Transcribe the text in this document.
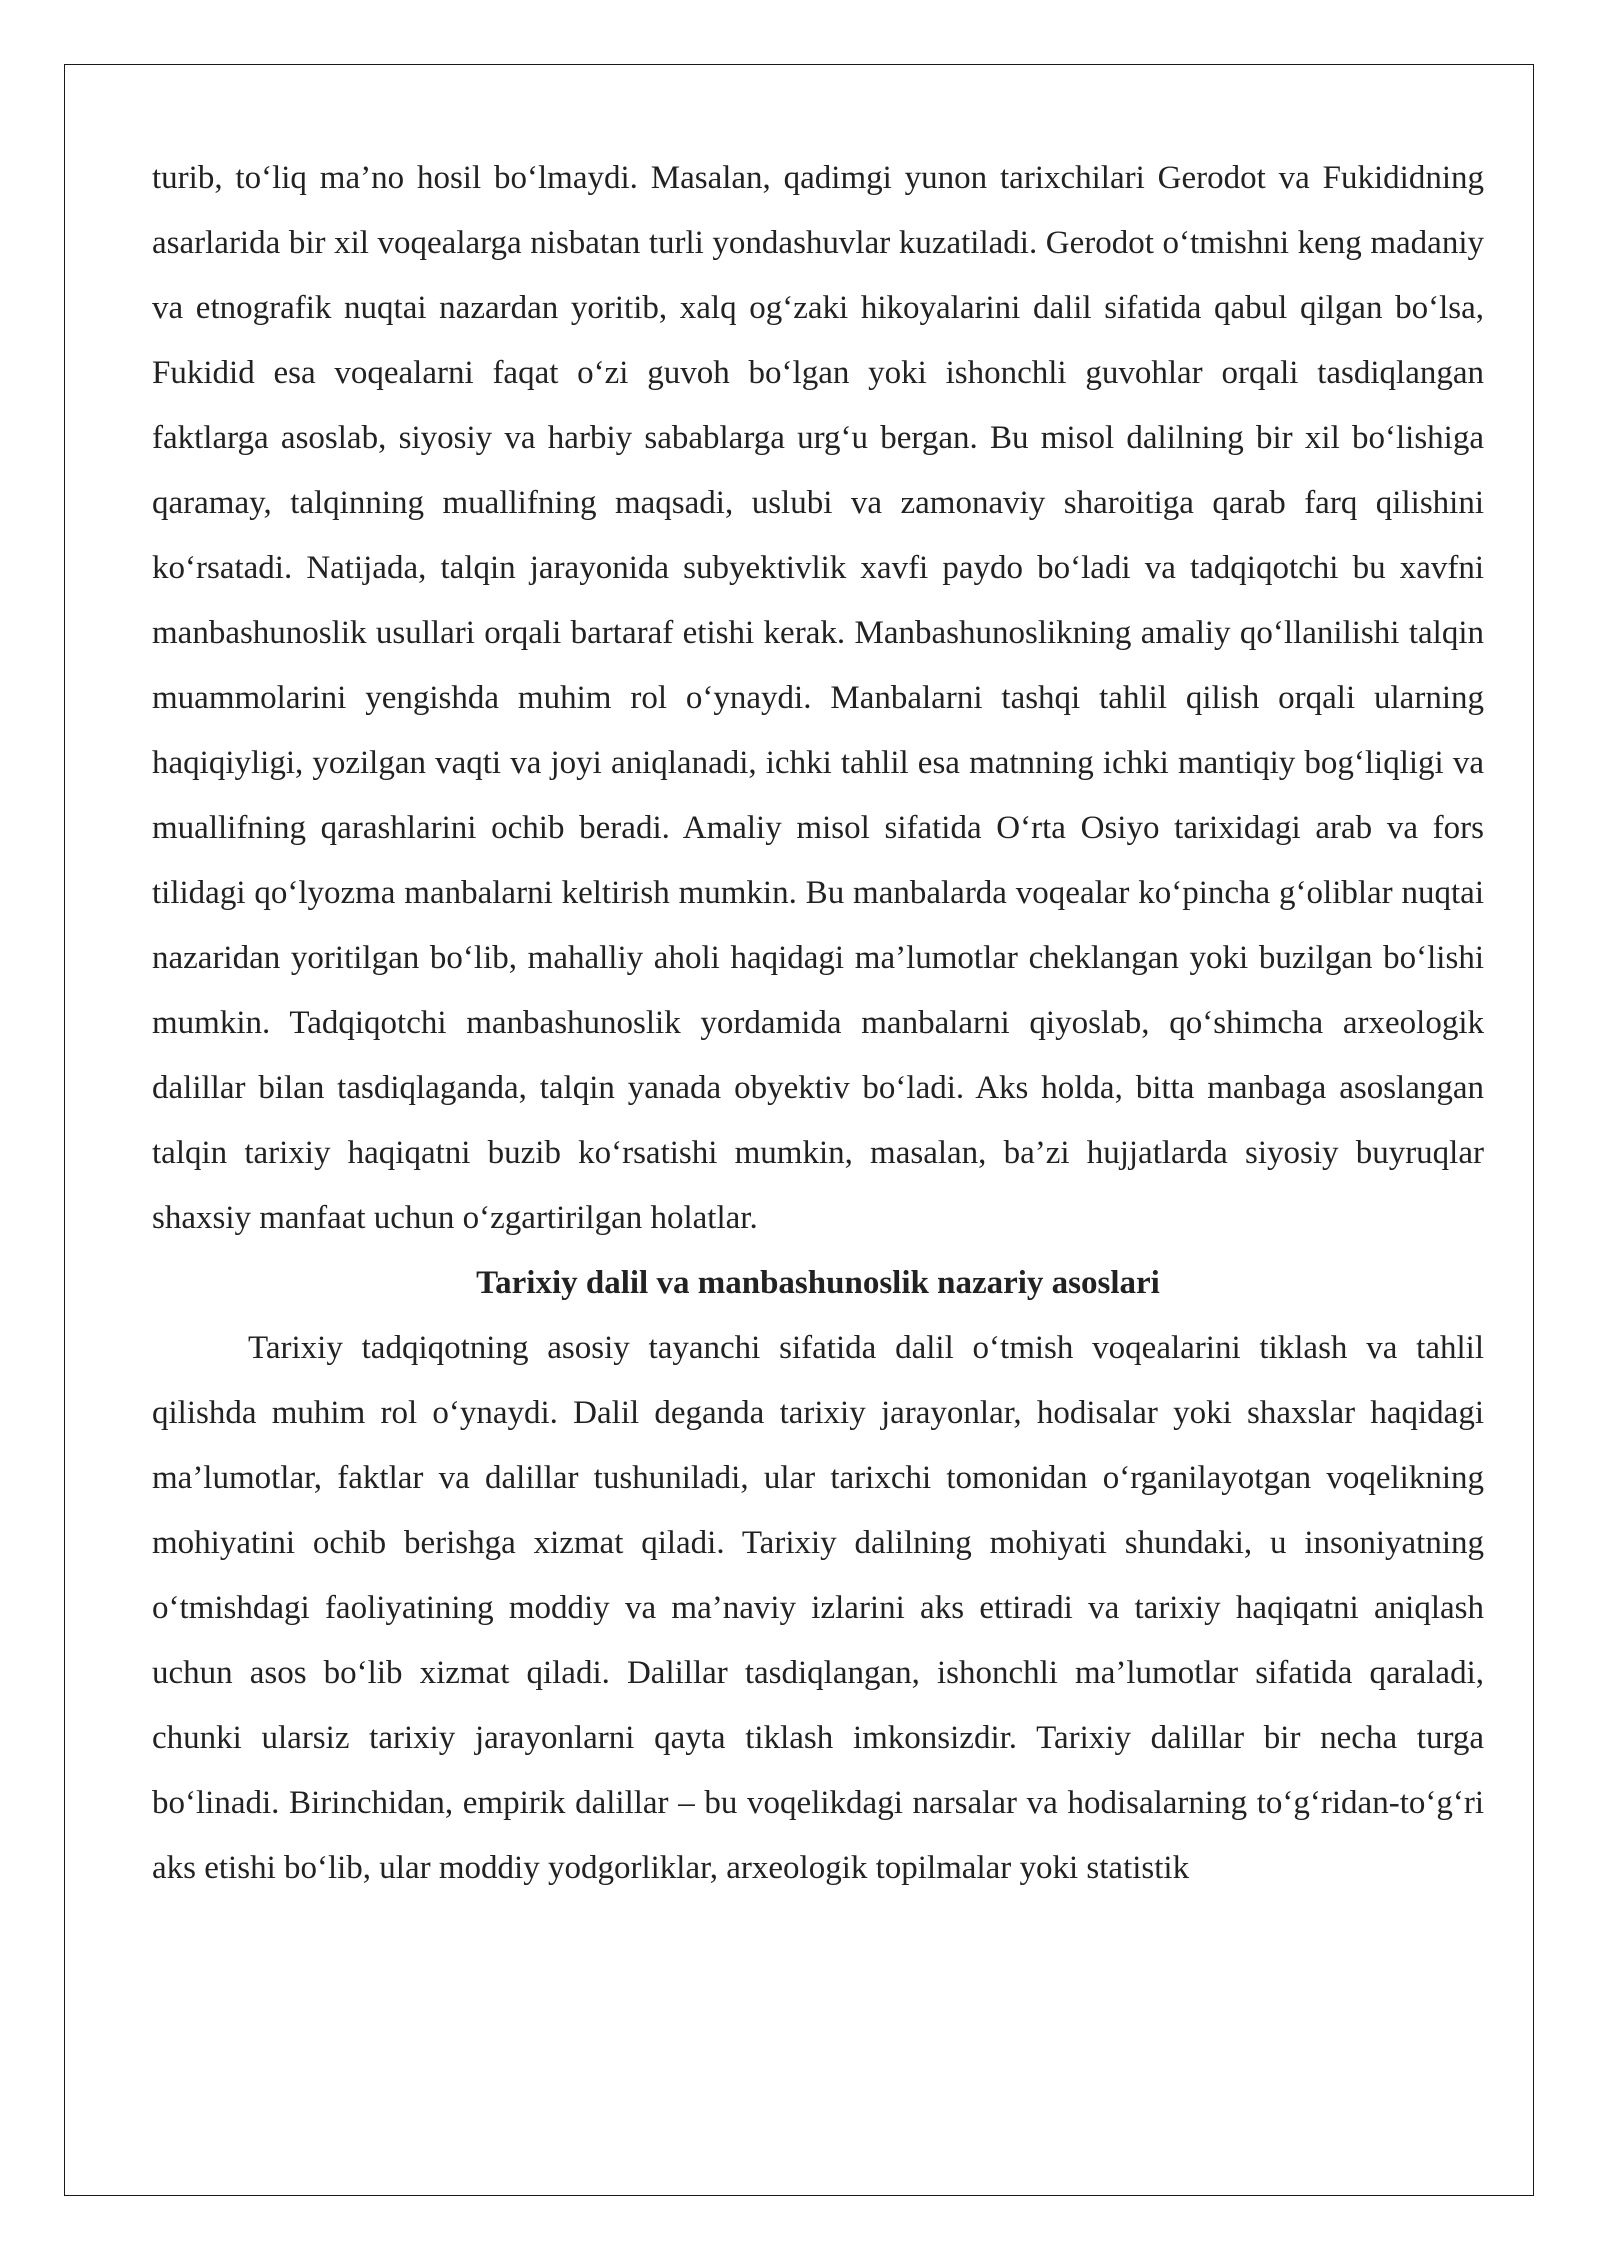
turib, to‘liq ma’no hosil bo‘lmaydi. Masalan, qadimgi yunon tarixchilari Gerodot va Fukididning asarlarida bir xil voqealarga nisbatan turli yondashuvlar kuzatiladi. Gerodot o‘tmishni keng madaniy va etnografik nuqtai nazardan yoritib, xalq og‘zaki hikoyalarini dalil sifatida qabul qilgan bo‘lsa, Fukidid esa voqealarni faqat o‘zi guvoh bo‘lgan yoki ishonchli guvohlar orqali tasdiqlangan faktlarga asoslab, siyosiy va harbiy sabablarga urg‘u bergan. Bu misol dalilning bir xil bo‘lishiga qaramay, talqinning muallifning maqsadi, uslubi va zamonaviy sharoitiga qarab farq qilishini ko‘rsatadi. Natijada, talqin jarayonida subyektivlik xavfi paydo bo‘ladi va tadqiqotchi bu xavfni manbashunoslik usullari orqali bartaraf etishi kerak. Manbashunoslikning amaliy qo‘llanilishi talqin muammolarini yengishda muhim rol o‘ynaydi. Manbalarni tashqi tahlil qilish orqali ularning haqiqiyligi, yozilgan vaqti va joyi aniqlanadi, ichki tahlil esa matnning ichki mantiqiy bog‘liqligi va muallifning qarashlarini ochib beradi. Amaliy misol sifatida O‘rta Osiyo tarixidagi arab va fors tilidagi qo‘lyozma manbalarni keltirish mumkin. Bu manbalarda voqealar ko‘pincha g‘oliblar nuqtai nazaridan yoritilgan bo‘lib, mahalliy aholi haqidagi ma’lumotlar cheklangan yoki buzilgan bo‘lishi mumkin. Tadqiqotchi manbashunoslik yordamida manbalarni qiyoslab, qo‘shimcha arxeologik dalillar bilan tasdiqlaganda, talqin yanada obyektiv bo‘ladi. Aks holda, bitta manbaga asoslangan talqin tarixiy haqiqatni buzib ko‘rsatishi mumkin, masalan, ba’zi hujjatlarda siyosiy buyruqlar shaxsiy manfaat uchun o‘zgartirilgan holatlar.

Tarixiy dalil va manbashunoslik nazariy asoslari

Tarixiy tadqiqotning asosiy tayanchi sifatida dalil o‘tmish voqealarini tiklash va tahlil qilishda muhim rol o‘ynaydi. Dalil deganda tarixiy jarayonlar, hodisalar yoki shaxslar haqidagi ma’lumotlar, faktlar va dalillar tushuniladi, ular tarixchi tomonidan o‘rganilayotgan voqelikning mohiyatini ochib berishga xizmat qiladi. Tarixiy dalilning mohiyati shundaki, u insoniyatning o‘tmishdagi faoliyatining moddiy va ma’naviy izlarini aks ettiradi va tarixiy haqiqatni aniqlash uchun asos bo‘lib xizmat qiladi. Dalillar tasdiqlangan, ishonchli ma’lumotlar sifatida qaraladi, chunki ularsiz tarixiy jarayonlarni qayta tiklash imkonsizdir. Tarixiy dalillar bir necha turga bo‘linadi. Birinchidan, empirik dalillar – bu voqelikdagi narsalar va hodisalarning to‘g‘ridan-to‘g‘ri aks etishi bo‘lib, ular moddiy yodgorliklar, arxeologik topilmalar yoki statistik
